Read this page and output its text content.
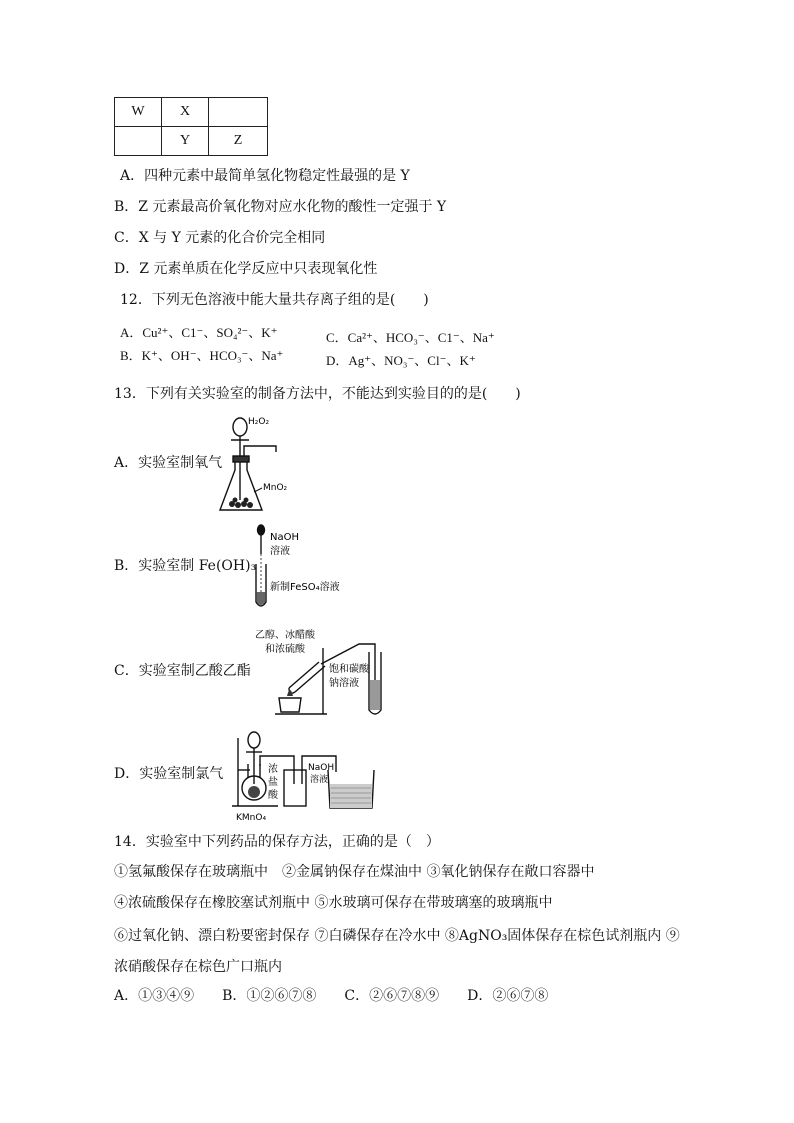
W	X	
	Y	Z
A．四种元素中最简单氢化物稳定性最强的是 Y
B．Z 元素最高价氧化物对应水化物的酸性一定强于 Y
C．X 与 Y 元素的化合价完全相同
D．Z 元素单质在化学反应中只表现氧化性
12．下列无色溶液中能大量共存离子组的是(　　)
A．Cu²⁺、C1⁻、SO₄²⁻、K⁺
B．K⁺、OH⁻、HCO₃⁻、Na⁺
C．Ca²⁺、HCO₃⁻、C1⁻、Na⁺
D．Ag⁺、NO₃⁻、Cl⁻、K⁺
13．下列有关实验室的制备方法中，不能达到实验目的的是(　　)
A．实验室制氧气
B．实验室制 Fe(OH)₃
C．实验室制乙酸乙酯
D．实验室制氯气
H₂O₂
MnO₂
NaOH
溶液
新制FeSO₄溶液
乙醇、冰醋酸
和浓硫酸
饱和碳酸
钠溶液
浓
盐
酸
NaOH
溶液
KMnO₄
14．实验室中下列药品的保存方法，正确的是（　）
①氢氟酸保存在玻璃瓶中　②金属钠保存在煤油中 ③氧化钠保存在敞口容器中
④浓硫酸保存在橡胶塞试剂瓶中 ⑤水玻璃可保存在带玻璃塞的玻璃瓶中
⑥过氧化钠、漂白粉要密封保存 ⑦白磷保存在冷水中 ⑧AgNO₃固体保存在棕色试剂瓶内 ⑨
浓硝酸保存在棕色广口瓶内
A．①③④⑨　　B．①②⑥⑦⑧　　C．②⑥⑦⑧⑨　　D．②⑥⑦⑧
